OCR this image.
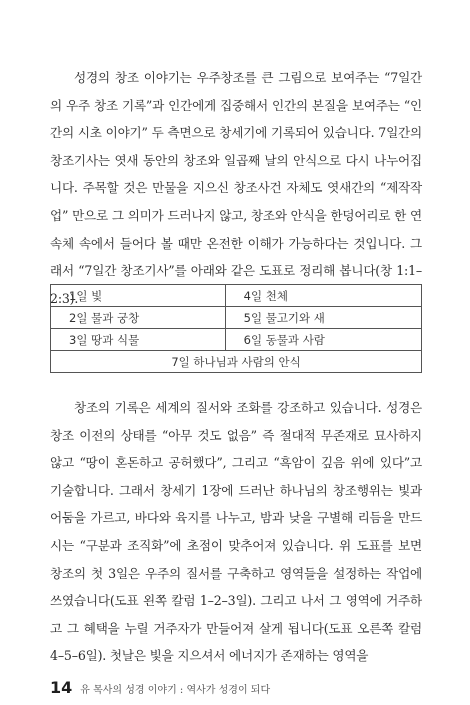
성경의 창조 이야기는 우주창조를 큰 그림으로 보여주는 “7일간의 우주 창조 기록”과 인간에게 집중해서 인간의 본질을 보여주는 “인간의 시초 이야기” 두 측면으로 창세기에 기록되어 있습니다. 7일간의 창조기사는 엿새 동안의 창조와 일곱째 날의 안식으로 다시 나누어집니다. 주목할 것은 만물을 지으신 창조사건 자체도 엿새간의 “제작작업” 만으로 그 의미가 드러나지 않고, 창조와 안식을 한덩어리로 한 연속체 속에서 들어다 볼 때만 온전한 이해가 가능하다는 것입니다. 그래서 “7일간 창조기사”를 아래와 같은 도표로 정리해 봅니다(창 1:1–2:3).

1일 빛	4일 천체
2일 물과 궁창	5일 물고기와 새
3일 땅과 식물	6일 동물과 사람
7일 하나님과 사람의 안식	

창조의 기록은 세계의 질서와 조화를 강조하고 있습니다. 성경은 창조 이전의 상태를 “아무 것도 없음” 즉 절대적 무존재로 묘사하지 않고 “땅이 혼돈하고 공허했다”, 그리고 “흑암이 깊음 위에 있다”고 기술합니다. 그래서 창세기 1장에 드러난 하나님의 창조행위는 빛과 어둠을 가르고, 바다와 육지를 나누고, 밤과 낮을 구별해 리듬을 만드시는 “구분과 조직화”에 초점이 맞추어져 있습니다. 위 도표를 보면 창조의 첫 3일은 우주의 질서를 구축하고 영역들을 설정하는 작업에 쓰였습니다(도표 왼쪽 칼럼 1–2–3일). 그리고 나서 그 영역에 거주하고 그 혜택을 누릴 거주자가 만들어져 살게 됩니다(도표 오른쪽 칼럼 4–5–6일). 첫날은 빛을 지으셔서 에너지가 존재하는 영역을

14 유 목사의 성경 이야기 : 역사가 성경이 되다
